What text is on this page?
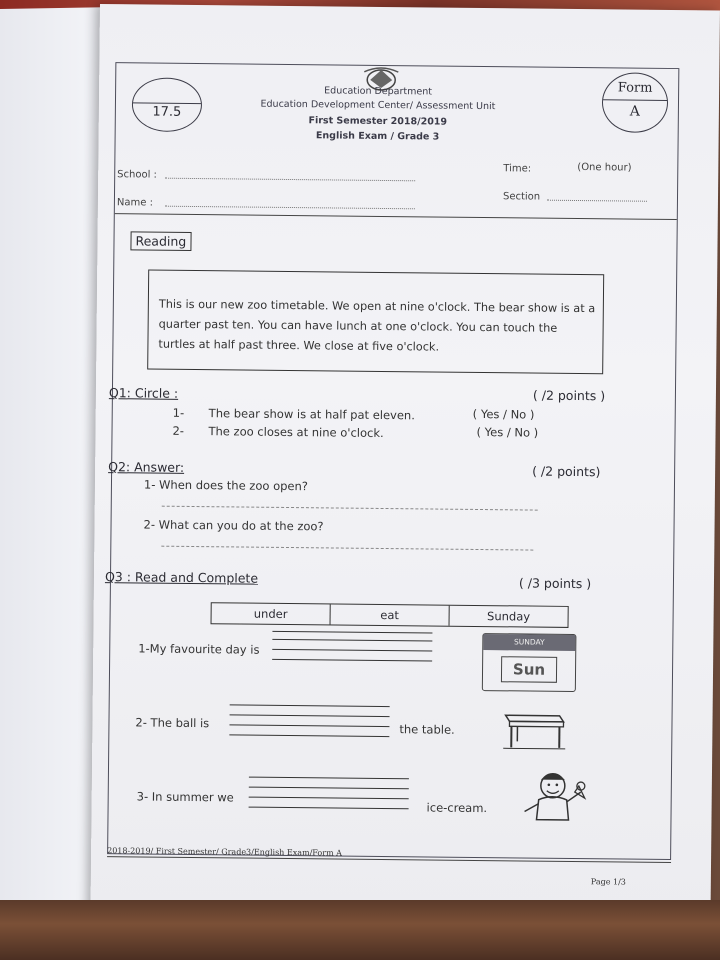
17.5
Education Department
Education Development Center/ Assessment Unit
First Semester 2018/2019
English Exam / Grade 3
Form
A
School :
Name :
Time:	(One hour)
Section
Reading
This is our new zoo timetable. We open at nine o'clock. The bear show is at a quarter past ten. You can have lunch at one o'clock. You can touch the turtles at half past three. We close at five o'clock.
Q1: Circle :	( /2 points )
1- The bear show is at half pat eleven.	( Yes / No )
2- The zoo closes at nine o'clock.	( Yes / No )
Q2: Answer:	( /2 points)
1- When does the zoo open?
2- What can you do at the zoo?
Q3 : Read and Complete	( /3 points )
under	eat	Sunday
1-My favourite day is	SUNDAY
Sun
2- The ball is	the table.
3- In summer we
ice-cream.
2018-2019/ First Semester/ Grade3/English Exam/Form A
Page 1/3
